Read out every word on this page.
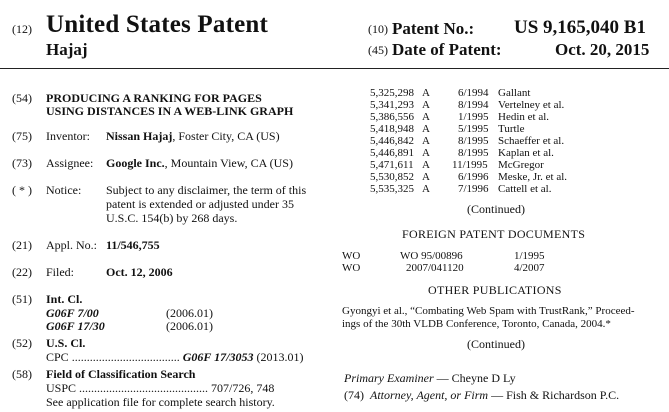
(12) United States Patent
Hajaj
(10) Patent No.: US 9,165,040 B1
(45) Date of Patent:	Oct. 20, 2015
(54) PRODUCING A RANKING FOR PAGES
USING DISTANCES IN A WEB-LINK GRAPH
(75) Inventor: Nissan Hajaj, Foster City, CA (US)
(73) Assignee: Google Inc., Mountain View, CA (US)
( * ) Notice: Subject to any disclaimer, the term of this
patent is extended or adjusted under 35
U.S.C. 154(b) by 268 days.
(21) Appl. No.: 11/546,755
(22) Filed:	Oct. 12, 2006
(51) Int. Cl.
G06F 7/00	(2006.01)
G06F 17/30	(2006.01)
(52) U.S. Cl.
CPC .................................... G06F 17/3053 (2013.01)
(58) Field of Classification Search
USPC ........................................... 707/726, 748
See application file for complete search history.
5,325,298 A	6/1994 Gallant
5,341,293 A	8/1994 Vertelney et al.
5,386,556 A	1/1995 Hedin et al.
5,418,948 A	5/1995 Turtle
5,446,842 A	8/1995 Schaeffer et al.
5,446,891 A	8/1995 Kaplan et al.
5,471,611 A 11/1995 McGregor
5,530,852 A	6/1996 Meske, Jr. et al.
5,535,325 A	7/1996 Cattell et al.
(Continued)
FOREIGN PATENT DOCUMENTS
WO	WO 95/00896	1/1995
WO	2007/041120	4/2007
OTHER PUBLICATIONS
Gyongyi et al., “Combating Web Spam with TrustRank,” Proceed-
ings of the 30th VLDB Conference, Toronto, Canada, 2004.*
(Continued)
Primary Examiner — Cheyne D Ly
(74) Attorney, Agent, or Firm — Fish & Richardson P.C.
